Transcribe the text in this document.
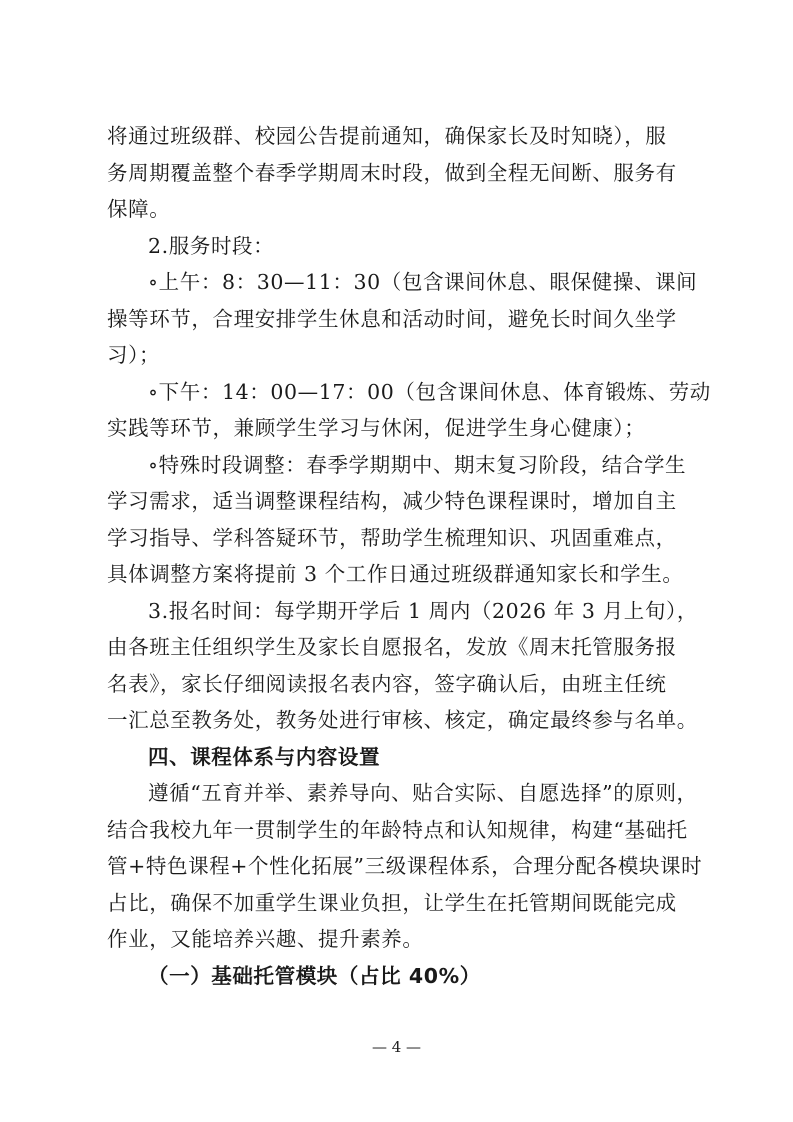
将通过班级群、校园公告提前通知，确保家长及时知晓），服

务周期覆盖整个春季学期周末时段，做到全程无间断、服务有

保障。

2.服务时段：

∘上午：8：30—11：30（包含课间休息、眼保健操、课间

操等环节，合理安排学生休息和活动时间，避免长时间久坐学

习）；

∘下午：14：00—17：00（包含课间休息、体育锻炼、劳动

实践等环节，兼顾学生学习与休闲，促进学生身心健康）；

∘特殊时段调整：春季学期期中、期末复习阶段，结合学生

学习需求，适当调整课程结构，减少特色课程课时，增加自主

学习指导、学科答疑环节，帮助学生梳理知识、巩固重难点，

具体调整方案将提前 3 个工作日通过班级群通知家长和学生。

3.报名时间：每学期开学后 1 周内（2026 年 3 月上旬），

由各班主任组织学生及家长自愿报名，发放《周末托管服务报

名表》，家长仔细阅读报名表内容，签字确认后，由班主任统

一汇总至教务处，教务处进行审核、核定，确定最终参与名单。

四、课程体系与内容设置

遵循“五育并举、素养导向、贴合实际、自愿选择”的原则，

结合我校九年一贯制学生的年龄特点和认知规律，构建“基础托

管+特色课程+个性化拓展”三级课程体系，合理分配各模块课时

占比，确保不加重学生课业负担，让学生在托管期间既能完成

作业，又能培养兴趣、提升素养。

（一）基础托管模块（占比 40%）

— 4 —
